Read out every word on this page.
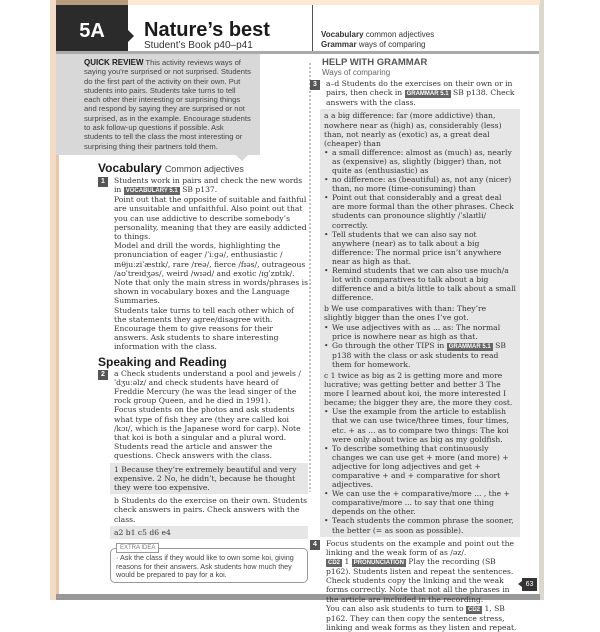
5A	Nature’s best
Student’s Book p40–p41
Vocabulary common adjectives
Grammar ways of comparing

QUICK REVIEW This activity reviews ways of saying you're surprised or not surprised. Students do the first part of the activity on their own. Put students into pairs. Students take turns to tell each other their interesting or surprising things and respond by saying they are surprised or not surprised, as in the example. Encourage students to ask follow-up questions if possible. Ask students to tell the class the most interesting or surprising thing their partners told them.

Vocabulary Common adjectives
1	Students work in pairs and check the new words in VOCABULARY 5.1 SB p137.
Point out that the opposite of suitable and faithful are unsuitable and unfaithful. Also point out that you can use addictive to describe somebody’s personality, meaning that they are easily addicted to things.
Model and drill the words, highlighting the pronunciation of eager /ˈiːgə/, enthusiastic /ɪnθjuːziˈæstɪk/, rare /reə/, fierce /fɪəs/, outrageous /aʊˈtreɪdʒəs/, weird /wɪəd/ and exotic /ɪgˈzɒtɪk/.
Note that only the main stress in words/phrases is shown in vocabulary boxes and the Language Summaries.
Students take turns to tell each other which of the statements they agree/disagree with. Encourage them to give reasons for their answers. Ask students to share interesting information with the class.
Speaking and Reading
2	a Check students understand a pool and jewels /ˈdʒuːəlz/ and check students have heard of Freddie Mercury (he was the lead singer of the rock group Queen, and he died in 1991).
Focus students on the photos and ask students what type of fish they are (they are called koi /kɔɪ/, which is the Japanese word for carp). Note that koi is both a singular and a plural word.
Students read the article and answer the questions. Check answers with the class.
1 Because they’re extremely beautiful and very expensive. 2 No, he didn’t, because he thought they were too expensive.
b Students do the exercise on their own. Students check answers in pairs. Check answers with the class.
a2 b1 c5 d6 e4

· Ask the class if they would like to own some koi, giving reasons for their answers. Ask students how much they would be prepared to pay for a koi.

EXTRA IDEA
HELP WITH GRAMMAR
Ways of comparing
3	a–d Students do the exercises on their own or in pairs, then check in GRAMMAR 5.1 SB p138. Check answers with the class.
a a big difference: far (more addictive) than, nowhere near as (high) as, considerably (less) than, not nearly as (exotic) as, a great deal (cheaper) than
• a small difference: almost as (much) as, nearly as (expensive) as, slightly (bigger) than, not quite as (enthusiastic) as
• no difference: as (beautiful) as, not any (nicer) than, no more (time-consuming) than
• Point out that considerably and a great deal are more formal than the other phrases. Check students can pronounce slightly /ˈslaɪtli/ correctly.
• Tell students that we can also say not anywhere (near) as to talk about a big difference: The normal price isn’t anywhere near as high as that.
• Remind students that we can also use much/a lot with comparatives to talk about a big difference and a bit/a little to talk about a small difference.
b We use comparatives with than: They’re slightly bigger than the ones I’ve got.
• We use adjectives with as ... as: The normal price is nowhere near as high as that.
• Go through the other TIPS in GRAMMAR 5.1 SB p138 with the class or ask students to read them for homework.
c 1 twice as big as 2 is getting more and more lucrative; was getting better and better 3 The more I learned about koi, the more interested I became; the bigger they are, the more they cost.
• Use the example from the article to establish that we can use twice/three times, four times, etc. + as ... as to compare two things: The koi were only about twice as big as my goldfish.
• To describe something that continuously changes we can use get + more (and more) + adjective for long adjectives and get + comparative + and + comparative for short adjectives.
• We can use the + comparative/more ... , the + comparative/more ... to say that one thing depends on the other.
• Teach students the common phrase the sooner, the better (= as soon as possible).
4	Focus students on the example and point out the linking and the weak form of as /əz/.
CD2 1 PRONUNCIATION Play the recording (SB p162). Students listen and repeat the sentences. Check students copy the linking and the weak forms correctly. Note that not all the phrases in the article are included in the recording.
You can also ask students to turn to CD2 1, SB p162. They can then copy the sentence stress, linking and weak forms as they listen and repeat.
63
